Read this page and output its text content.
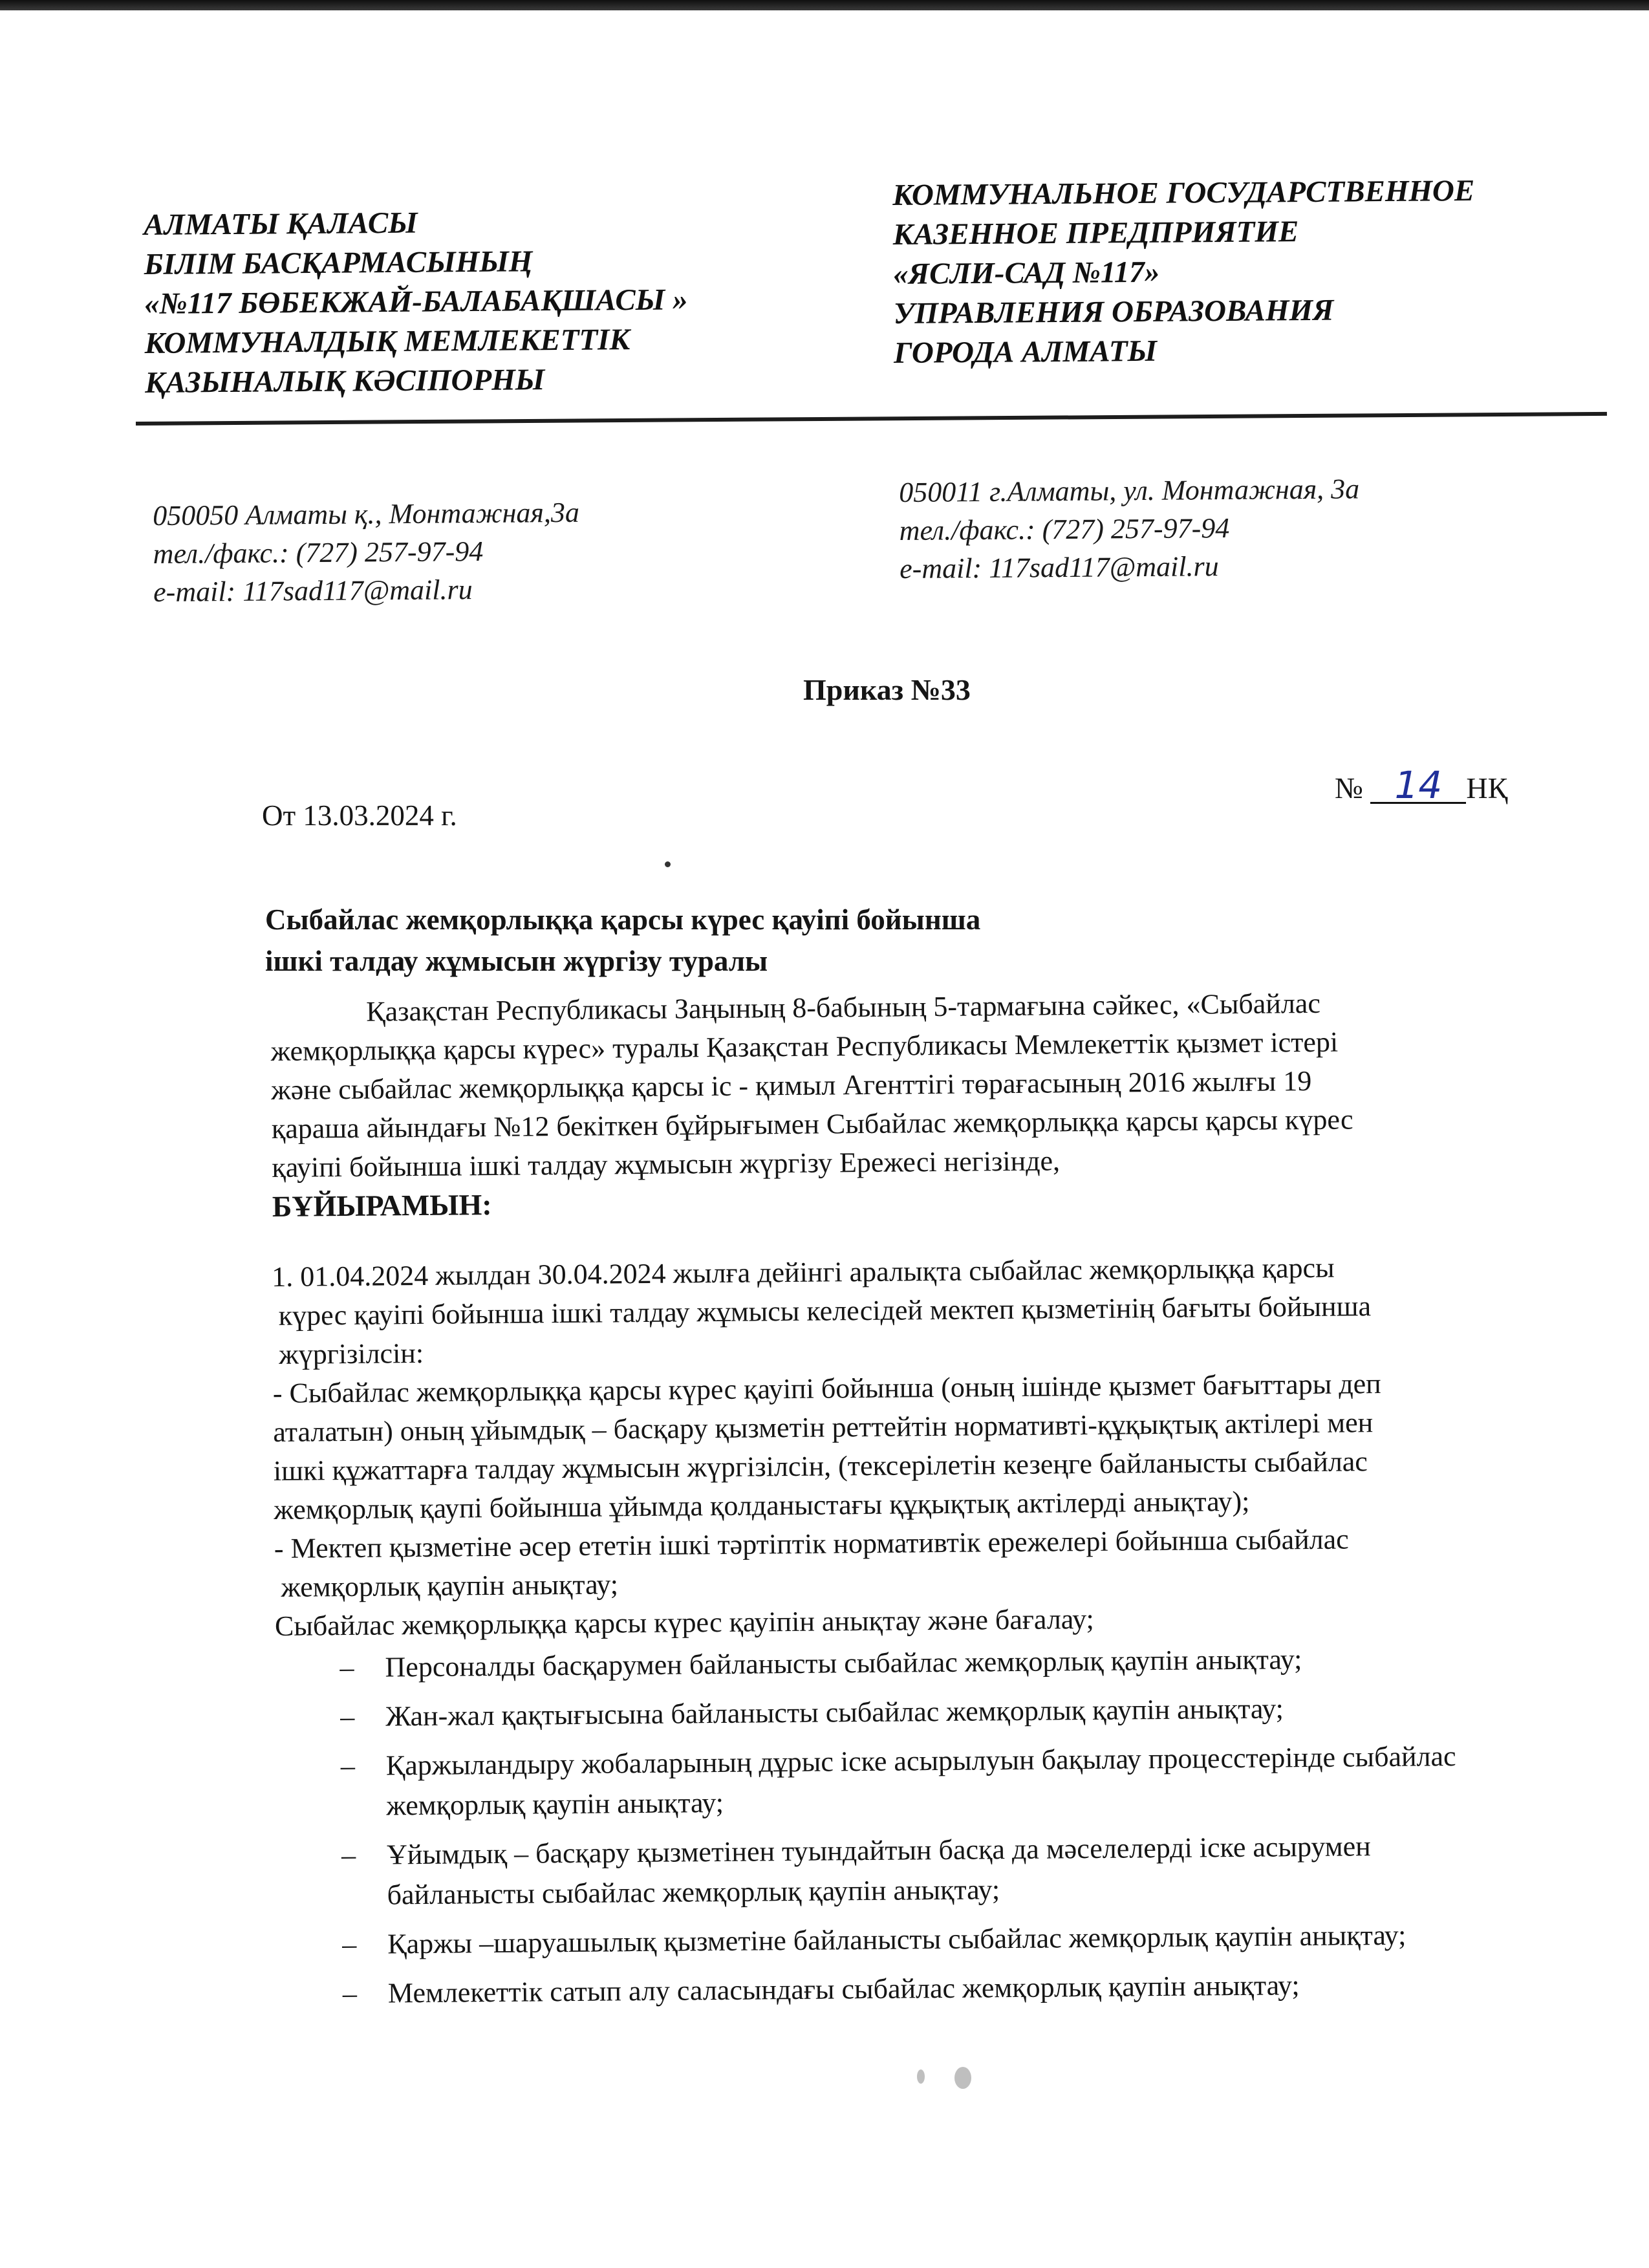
АЛМАТЫ ҚАЛАСЫ
БІЛІМ БАСҚАРМАСЫНЫҢ
«№117 БӨБЕКЖАЙ-БАЛАБАҚШАСЫ »
КОММУНАЛДЫҚ МЕМЛЕКЕТТІК
ҚАЗЫНАЛЫҚ КӘСІПОРНЫ
КОММУНАЛЬНОЕ ГОСУДАРСТВЕННОЕ
КАЗЕННОЕ ПРЕДПРИЯТИЕ
«ЯСЛИ-САД №117»
УПРАВЛЕНИЯ ОБРАЗОВАНИЯ
ГОРОДА АЛМАТЫ
050050 Алматы қ., Монтажная,3а
тел./факс.: (727) 257-97-94
e-mail: 117sad117@mail.ru
050011 г.Алматы, ул. Монтажная, 3а
тел./факс.: (727) 257-97-94
e-mail: 117sad117@mail.ru
Приказ №33
От 13.03.2024 г.
№ 14 НҚ
Сыбайлас жемқорлыққа қарсы күрес қауіпі бойынша
ішкі талдау жұмысын жүргізу туралы
Қазақстан Республикасы Заңының 8-бабының 5-тармағына сәйкес, «Сыбайлас
жемқорлыққа қарсы күрес» туралы Қазақстан Республикасы Мемлекеттік қызмет істері
және сыбайлас жемқорлыққа қарсы іс - қимыл Агенттігі төрағасының 2016 жылғы 19
қараша айындағы №12 бекіткен бұйрығымен Сыбайлас жемқорлыққа қарсы қарсы күрес
қауіпі бойынша ішкі талдау жұмысын жүргізу Ережесі негізінде,
БҰЙЫРАМЫН:
1. 01.04.2024 жылдан 30.04.2024 жылға дейінгі аралықта сыбайлас жемқорлыққа қарсы
күрес қауіпі бойынша ішкі талдау жұмысы келесідей мектеп қызметінің бағыты бойынша
жүргізілсін:
- Сыбайлас жемқорлыққа қарсы күрес қауіпі бойынша (оның ішінде қызмет бағыттары деп
аталатын) оның ұйымдық – басқару қызметін реттейтін нормативті-құқықтық актілері мен
ішкі құжаттарға талдау жұмысын жүргізілсін, (тексерілетін кезеңге байланысты сыбайлас
жемқорлық қаупі бойынша ұйымда қолданыстағы құқықтық актілерді анықтау);
- Мектеп қызметіне әсер ететін ішкі тәртіптік нормативтік ережелері бойынша сыбайлас
жемқорлық қаупін анықтау;
Сыбайлас жемқорлыққа қарсы күрес қауіпін анықтау және бағалау;
– Персоналды басқарумен байланысты сыбайлас жемқорлық қаупін анықтау;
– Жан-жал қақтығысына байланысты сыбайлас жемқорлық қаупін анықтау;
– Қаржыландыру жобаларының дұрыс іске асырылуын бақылау процесстерінде сыбайлас жемқорлық қаупін анықтау;
– Ұйымдық – басқару қызметінен туындайтын басқа да мәселелерді іске асырумен байланысты сыбайлас жемқорлық қаупін анықтау;
– Қаржы –шаруашылық қызметіне байланысты сыбайлас жемқорлық қаупін анықтау;
– Мемлекеттік сатып алу саласындағы сыбайлас жемқорлық қаупін анықтау;
